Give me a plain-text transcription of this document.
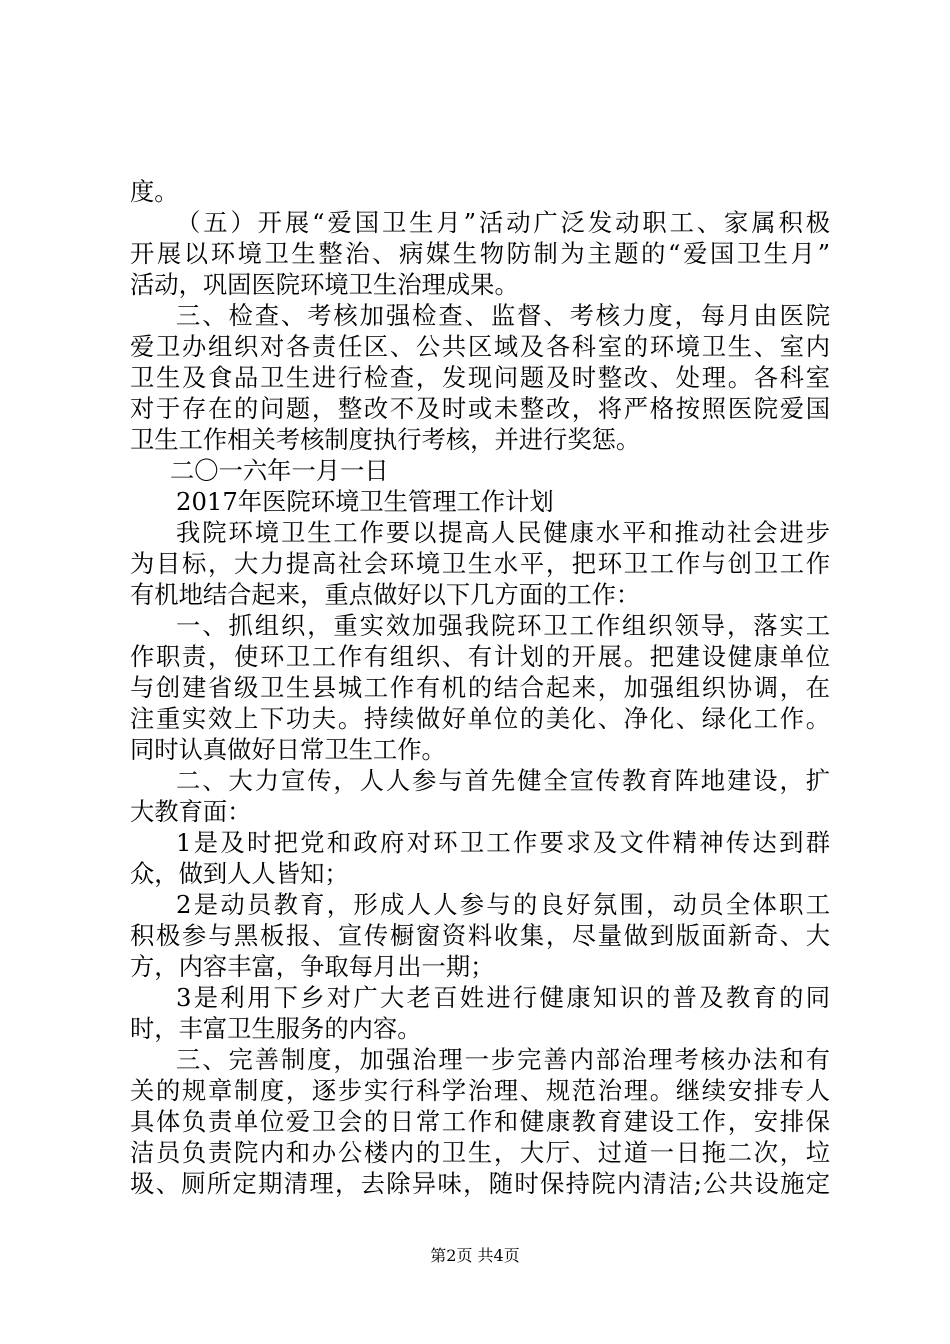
度。
（五）开展“爱国卫生月”活动广泛发动职工、家属积极
开展以环境卫生整治、病媒生物防制为主题的“爱国卫生月”
活动，巩固医院环境卫生治理成果。
三、检查、考核加强检查、监督、考核力度，每月由医院
爱卫办组织对各责任区、公共区域及各科室的环境卫生、室内
卫生及食品卫生进行检查，发现问题及时整改、处理。各科室
对于存在的问题，整改不及时或未整改，将严格按照医院爱国
卫生工作相关考核制度执行考核，并进行奖惩。
二〇一六年一月一日
2017年医院环境卫生管理工作计划
我院环境卫生工作要以提高人民健康水平和推动社会进步
为目标，大力提高社会环境卫生水平，把环卫工作与创卫工作
有机地结合起来，重点做好以下几方面的工作：
一、抓组织，重实效加强我院环卫工作组织领导，落实工
作职责，使环卫工作有组织、有计划的开展。把建设健康单位
与创建省级卫生县城工作有机的结合起来，加强组织协调，在
注重实效上下功夫。持续做好单位的美化、净化、绿化工作。
同时认真做好日常卫生工作。
二、大力宣传，人人参与首先健全宣传教育阵地建设，扩
大教育面：
1是及时把党和政府对环卫工作要求及文件精神传达到群
众，做到人人皆知；
2是动员教育，形成人人参与的良好氛围，动员全体职工
积极参与黑板报、宣传橱窗资料收集，尽量做到版面新奇、大
方，内容丰富，争取每月出一期；
3是利用下乡对广大老百姓进行健康知识的普及教育的同
时，丰富卫生服务的内容。
三、完善制度，加强治理一步完善内部治理考核办法和有
关的规章制度，逐步实行科学治理、规范治理。继续安排专人
具体负责单位爱卫会的日常工作和健康教育建设工作，安排保
洁员负责院内和办公楼内的卫生，大厅、过道一日拖二次，垃
圾、厕所定期清理，去除异味，随时保持院内清洁;公共设施定
第2页 共4页
